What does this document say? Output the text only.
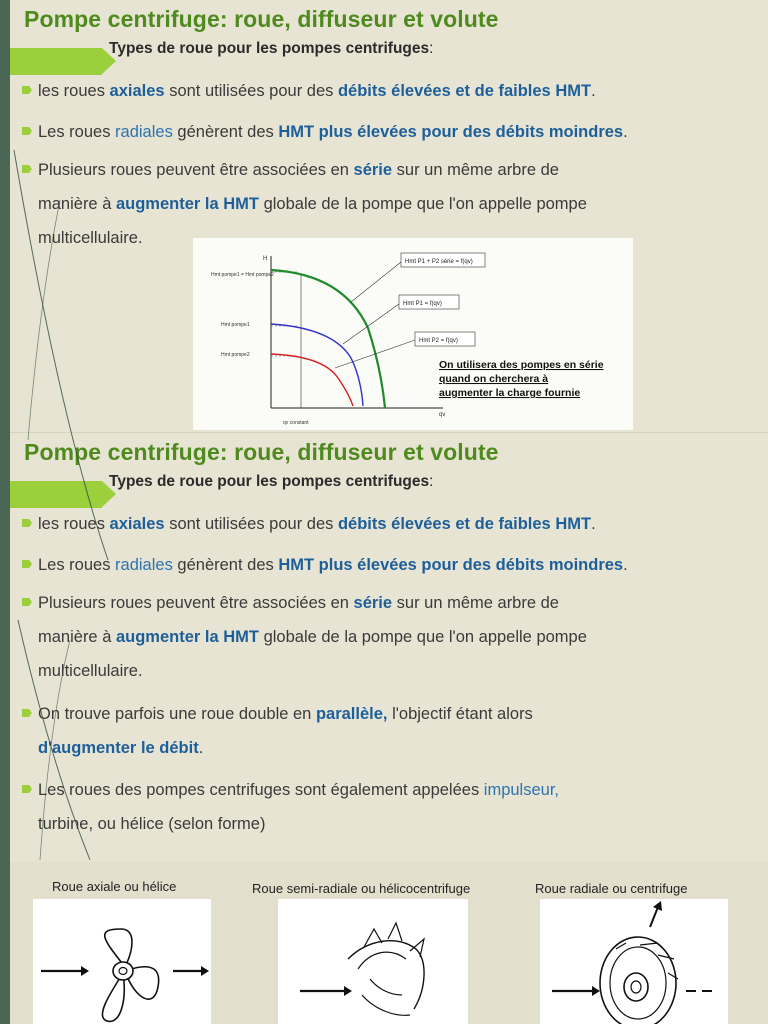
Pompe centrifuge: roue, diffuseur et volute
Types de roue pour les pompes centrifuges:
les roues axiales sont utilisées pour des débits élevées et de faibles HMT.
Les roues radiales génèrent des HMT plus élevées pour des débits moindres.
Plusieurs roues peuvent être associées en série sur un même arbre de
manière à augmenter la HMT globale de la pompe que l'on appelle pompe
multicellulaire.
H
qv
qv constant
Hmt pompe1 = Hmt pompe2
Hmt pompe1
Hmt pompe2
Hmt P1 + P2 série = f(qv)
Hmt P1 = f(qv)
Hmt P2 = f(qv)
On utilisera des pompes en série
quand on cherchera à
augmenter la charge fournie
Pompe centrifuge: roue, diffuseur et volute
Types de roue pour les pompes centrifuges:
les roues axiales sont utilisées pour des débits élevées et de faibles HMT.
Les roues radiales génèrent des HMT plus élevées pour des débits moindres.
Plusieurs roues peuvent être associées en série sur un même arbre de
manière à augmenter la HMT globale de la pompe que l'on appelle pompe
multicellulaire.
On trouve parfois une roue double en parallèle, l'objectif étant alors
d'augmenter le débit.
Les roues des pompes centrifuges sont également appelées impulseur,
turbine, ou hélice (selon forme)
Roue axiale ou hélice	Roue semi-radiale ou hélicocentrifuge	Roue radiale ou centrifuge
